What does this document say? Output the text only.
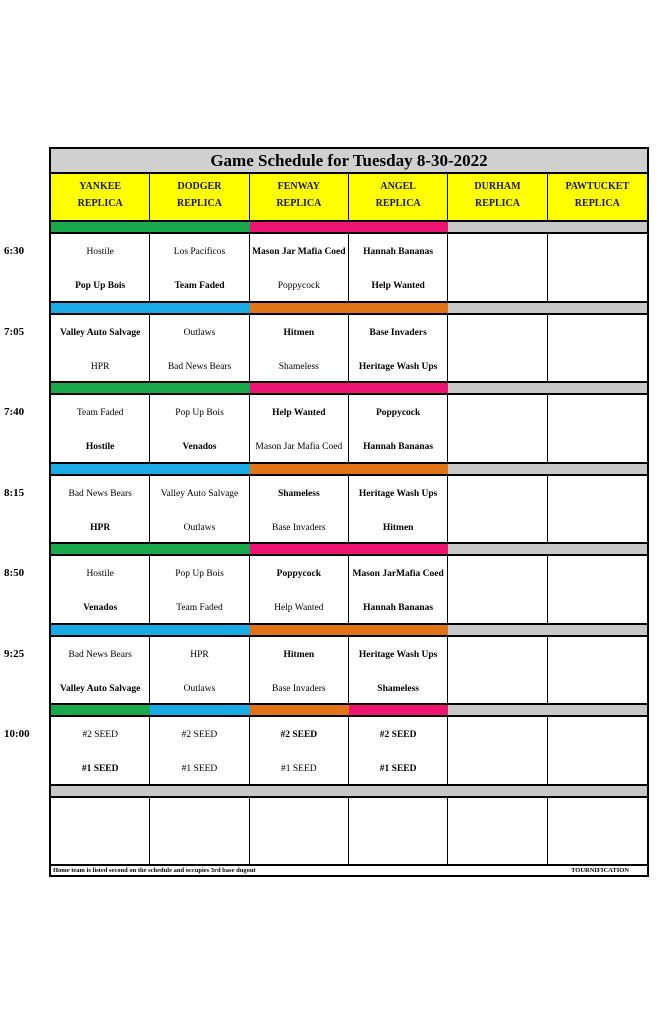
6:30
7:05
7:40
8:15
8:50
9:25
10:00
Game Schedule for Tuesday 8-30-2022
YANKEE
REPLICA
DODGER
REPLICA
FENWAY
REPLICA
ANGEL
REPLICA
DURHAM
REPLICA
PAWTUCKET
REPLICA
Hostile
Pop Up Bois
Los Pacificos
Team Faded
Mason Jar Mafia Coed
Poppycock
Hannah Bananas
Help Wanted
Valley Auto Salvage
HPR
Outlaws
Bad News Bears
Hitmen
Shameless
Base Invaders
Heritage Wash Ups
Team Faded
Hostile
Pop Up Bois
Venados
Help Wanted
Mason Jar Mafia Coed
Poppycock
Hannah Bananas
Bad News Bears
HPR
Valley Auto Salvage
Outlaws
Shameless
Base Invaders
Heritage Wash Ups
Hitmen
Hostile
Venados
Pop Up Bois
Team Faded
Poppycock
Help Wanted
Mason JarMafia Coed
Hannah Bananas
Bad News Bears
Valley Auto Salvage
HPR
Outlaws
Hitmen
Base Invaders
Heritage Wash Ups
Shameless
#2 SEED
#1 SEED
#2 SEED
#1 SEED
#2 SEED
#1 SEED
#2 SEED
#1 SEED
Home team is listed second on the schedule and occupies 3rd base dugout	TOURNIFICATION
